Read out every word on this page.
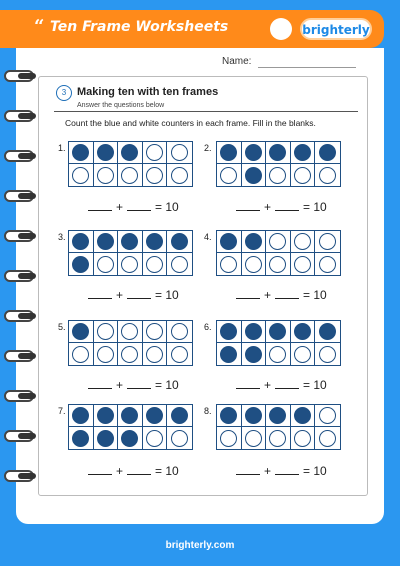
“ Ten Frame Worksheets	brighterly
Name:
3 Making ten with ten frames
Answer the questions below
Count the blue and white counters in each frame. Fill in the blanks.
1.
+	= 10
2.
+	= 10
3.
+	= 10
4.
+	= 10
5.
+	= 10
6.
+	= 10
7.
+	= 10
8.
+	= 10
brighterly.com
